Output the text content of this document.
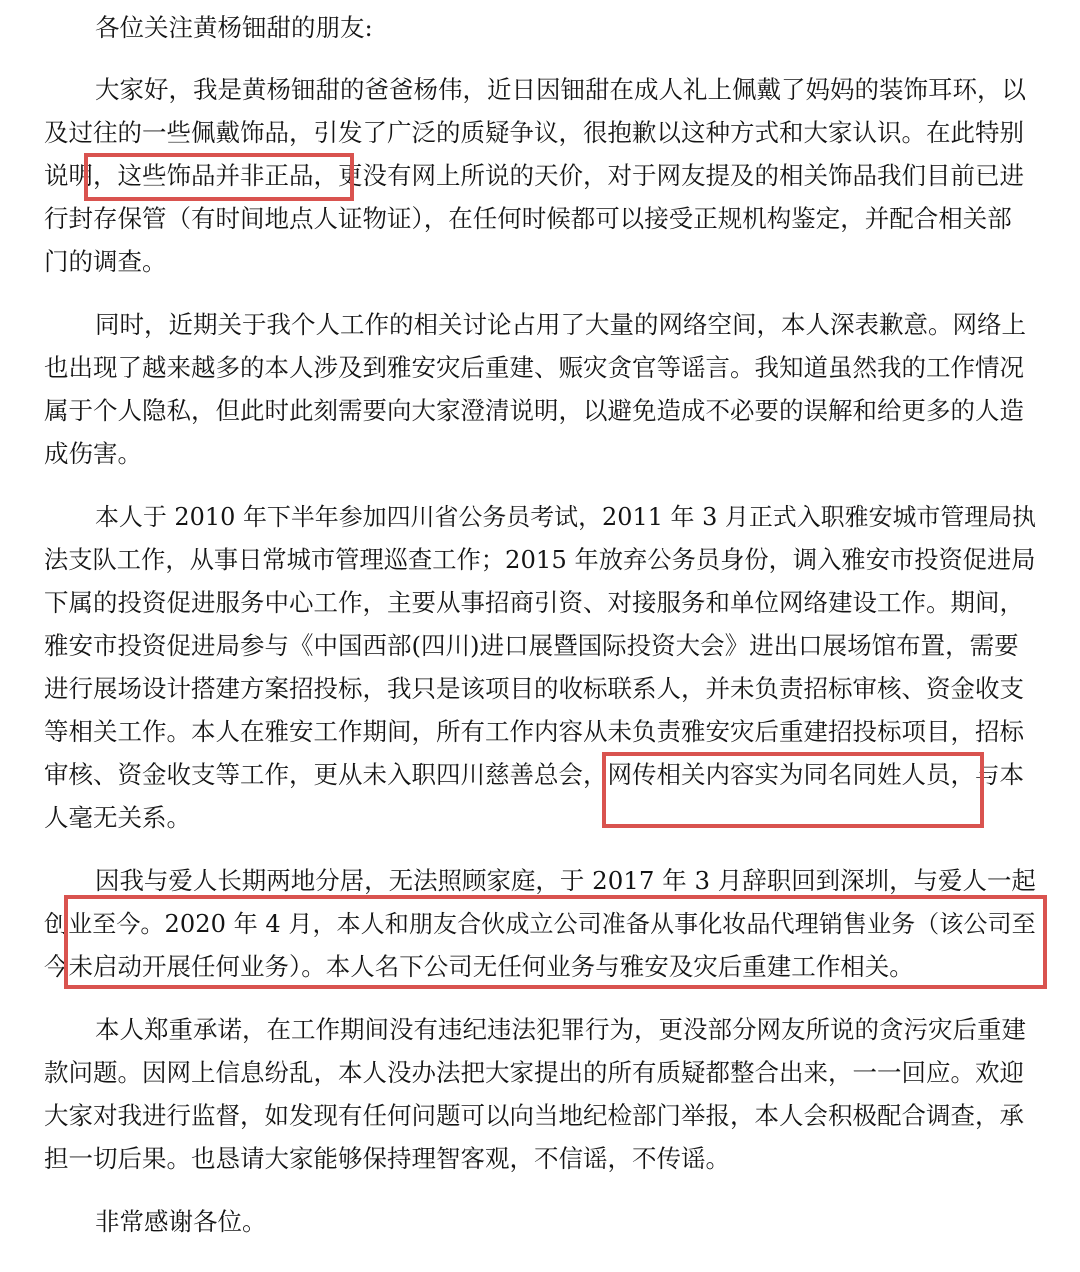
各位关注黄杨钿甜的朋友:
大家好，我是黄杨钿甜的爸爸杨伟，近日因钿甜在成人礼上佩戴了妈妈的装饰耳环，以
及过往的一些佩戴饰品，引发了广泛的质疑争议，很抱歉以这种方式和大家认识。在此特别
说明，这些饰品并非正品，更没有网上所说的天价，对于网友提及的相关饰品我们目前已进
行封存保管（有时间地点人证物证），在任何时候都可以接受正规机构鉴定，并配合相关部
门的调查。
同时，近期关于我个人工作的相关讨论占用了大量的网络空间，本人深表歉意。网络上
也出现了越来越多的本人涉及到雅安灾后重建、赈灾贪官等谣言。我知道虽然我的工作情况
属于个人隐私，但此时此刻需要向大家澄清说明，以避免造成不必要的误解和给更多的人造
成伤害。
本人于 2010 年下半年参加四川省公务员考试，2011 年 3 月正式入职雅安城市管理局执
法支队工作，从事日常城市管理巡查工作；2015 年放弃公务员身份，调入雅安市投资促进局
下属的投资促进服务中心工作，主要从事招商引资、对接服务和单位网络建设工作。期间，
雅安市投资促进局参与《中国西部(四川)进口展暨国际投资大会》进出口展场馆布置，需要
进行展场设计搭建方案招投标，我只是该项目的收标联系人，并未负责招标审核、资金收支
等相关工作。本人在雅安工作期间，所有工作内容从未负责雅安灾后重建招投标项目，招标
审核、资金收支等工作，更从未入职四川慈善总会，网传相关内容实为同名同姓人员，与本
人毫无关系。
因我与爱人长期两地分居，无法照顾家庭，于 2017 年 3 月辞职回到深圳，与爱人一起
创业至今。2020 年 4 月，本人和朋友合伙成立公司准备从事化妆品代理销售业务（该公司至
今未启动开展任何业务）。本人名下公司无任何业务与雅安及灾后重建工作相关。
本人郑重承诺，在工作期间没有违纪违法犯罪行为，更没部分网友所说的贪污灾后重建
款问题。因网上信息纷乱，本人没办法把大家提出的所有质疑都整合出来，一一回应。欢迎
大家对我进行监督，如发现有任何问题可以向当地纪检部门举报，本人会积极配合调查，承
担一切后果。也恳请大家能够保持理智客观，不信谣，不传谣。
非常感谢各位。
